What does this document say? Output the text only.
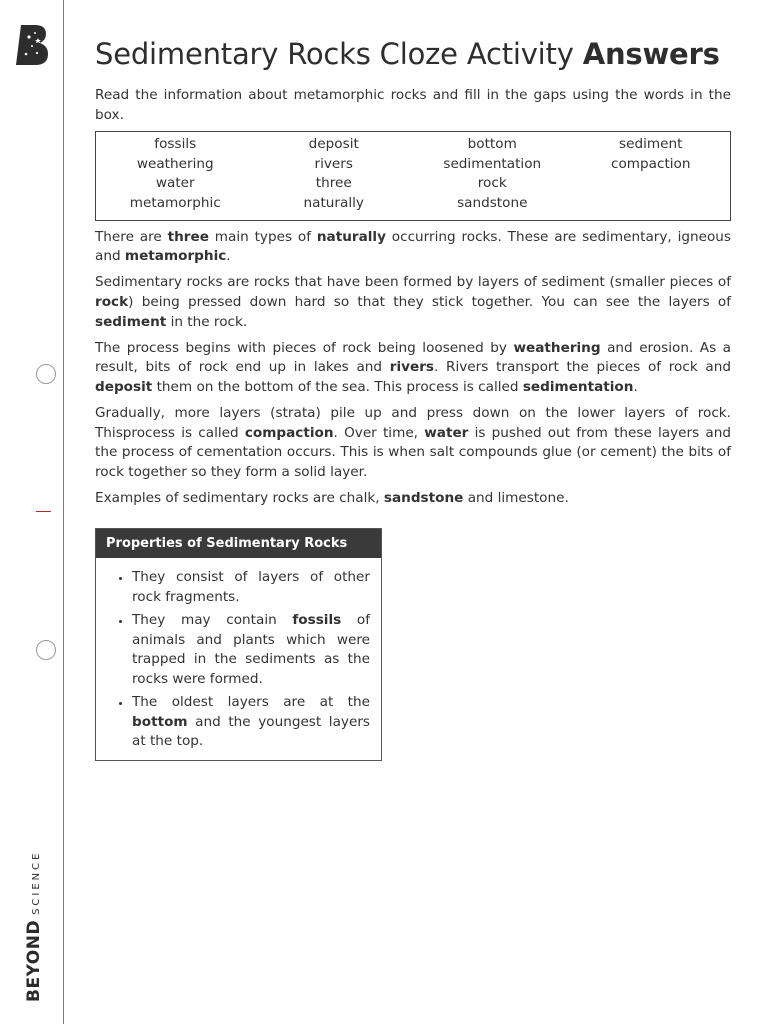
BEYOND
SCIENCE
Sedimentary Rocks Cloze Activity Answers

Read the information about metamorphic rocks and fill in the gaps using the words in the box.

fossils
weathering
water
metamorphic
deposit
rivers
three
naturally
bottom
sedimentation
rock
sandstone
sediment
compaction

There are three main types of naturally occurring rocks. These are sedimentary, igneous and metamorphic.

Sedimentary rocks are rocks that have been formed by layers of sediment (smaller pieces of rock) being pressed down hard so that they stick together. You can see the layers of sediment in the rock.

The process begins with pieces of rock being loosened by weathering and erosion. As a result, bits of rock end up in lakes and rivers. Rivers transport the pieces of rock and deposit them on the bottom of the sea. This process is called sedimentation.

Gradually, more layers (strata) pile up and press down on the lower layers of rock. Thisprocess is called compaction. Over time, water is pushed out from these layers and the process of cementation occurs. This is when salt compounds glue (or cement) the bits of rock together so they form a solid layer.

Examples of sedimentary rocks are chalk, sandstone and limestone.

Properties of Sedimentary Rocks
• They consist of layers of other rock fragments.
• They may contain fossils of animals and plants which were trapped in the sediments as the rocks were formed.
• The oldest layers are at the bottom and the youngest layers at the top.
